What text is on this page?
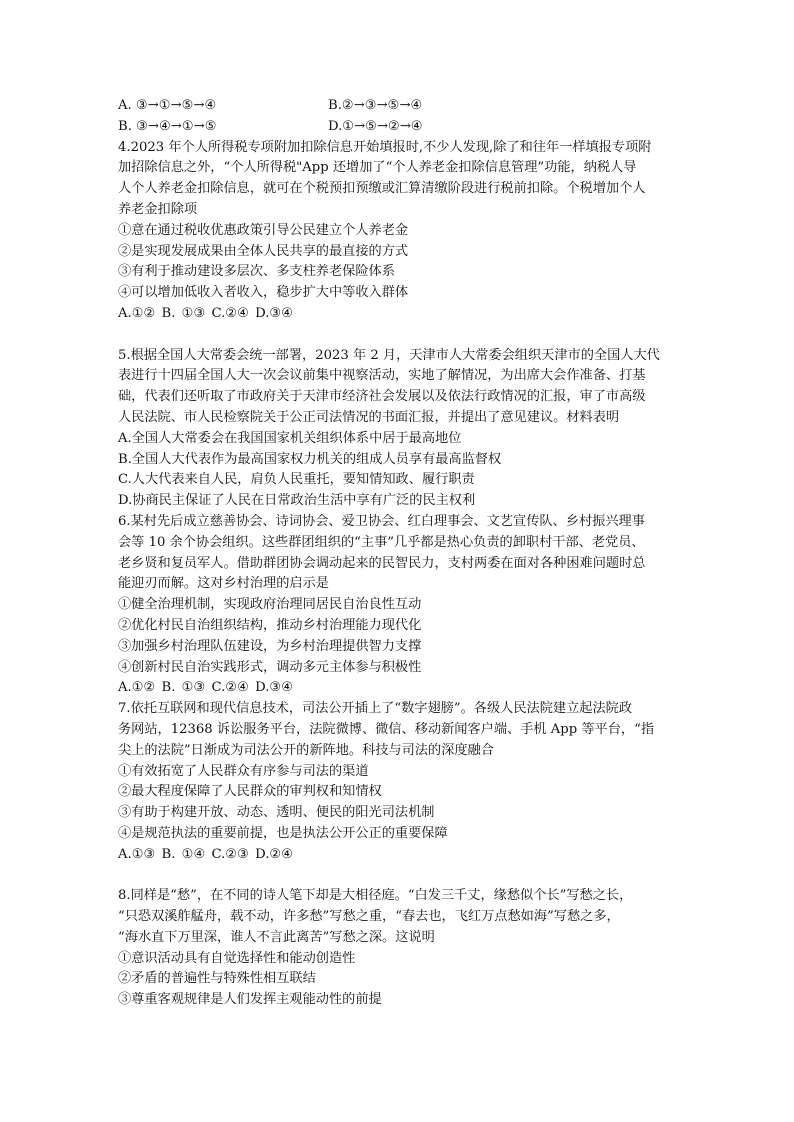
A. ③→①→⑤→④	B.②→③→⑤→④
B. ③→④→①→⑤	D.①→⑤→②→④
4.2023 年个人所得税专项附加扣除信息开始填报时,不少人发现,除了和往年一样填报专项附
加招除信息之外，“个人所得税"App 还增加了“个人养老金扣除信息管理”功能，纳税人导
人个人养老金扣除信息，就可在个税预扣预缴或汇算清缴阶段进行税前扣除。个税增加个人
养老金扣除项
①意在通过税收优惠政策引导公民建立个人养老金
②是实现发展成果由全体人民共享的最直接的方式
③有利于推动建设多层次、多支柱养老保险体系
④可以增加低收入者收入，稳步扩大中等收入群体
A.①② B. ①③ C.②④ D.③④
5.根据全国人大常委会统一部署，2023 年 2 月，天津市人大常委会组织天津市的全国人大代
表进行十四届全国人大一次会议前集中视察活动，实地了解情况，为出席大会作准备、打基
础，代表们还听取了市政府关于天津市经济社会发展以及依法行政情况的汇报，审了市高级
人民法院、市人民检察院关于公正司法情况的书面汇报，并提出了意见建议。材料表明
A.全国人大常委会在我国国家机关组织体系中居于最高地位
B.全国人大代表作为最高国家权力机关的组成人员享有最高监督权
C.人大代表来自人民，肩负人民重托，要知情知政、履行职责
D.协商民主保证了人民在日常政治生活中享有广泛的民主权利
6.某村先后成立慈善协会、诗词协会、爱卫协会、红白理事会、文艺宣传队、乡村振兴理事
会等 10 余个协会组织。这些群团组织的“主事”几乎都是热心负责的卸职村干部、老党员、
老乡贤和复员军人。借助群团协会调动起来的民智民力，支村两委在面对各种困难问题时总
能迎刃而解。这对乡村治理的启示是
①健全治理机制，实现政府治理同居民自治良性互动
②优化村民自治组织结构，推动乡村治理能力现代化
③加强乡村治理队伍建设，为乡村治理提供智力支撑
④创新村民自治实践形式，调动多元主体参与积极性
A.①② B. ①③ C.②④ D.③④
7.依托互联网和现代信息技术，司法公开插上了“数字翅膀”。各级人民法院建立起法院政
务网站，12368 诉讼服务平台，法院微博、微信、移动新闻客户端、手机 App 等平台，“指
尖上的法院”日渐成为司法公开的新阵地。科技与司法的深度融合
①有效拓宽了人民群众有序参与司法的渠道
②最大程度保障了人民群众的审判权和知情权
③有助于构建开放、动态、透明、便民的阳光司法机制
④是规范执法的重要前提，也是执法公开公正的重要保障
A.①③ B. ①④ C.②③ D.②④
8.同样是“愁”，在不同的诗人笔下却是大相径庭。“白发三千丈，缘愁似个长”写愁之长，
“只恐双溪舴艋舟，载不动，许多愁”写愁之重，“春去也，飞红万点愁如海”写愁之多，
“海水直下万里深，谁人不言此离苦”写愁之深。这说明
①意识活动具有自觉选择性和能动创造性
②矛盾的普遍性与特殊性相互联结
③尊重客观规律是人们发挥主观能动性的前提
